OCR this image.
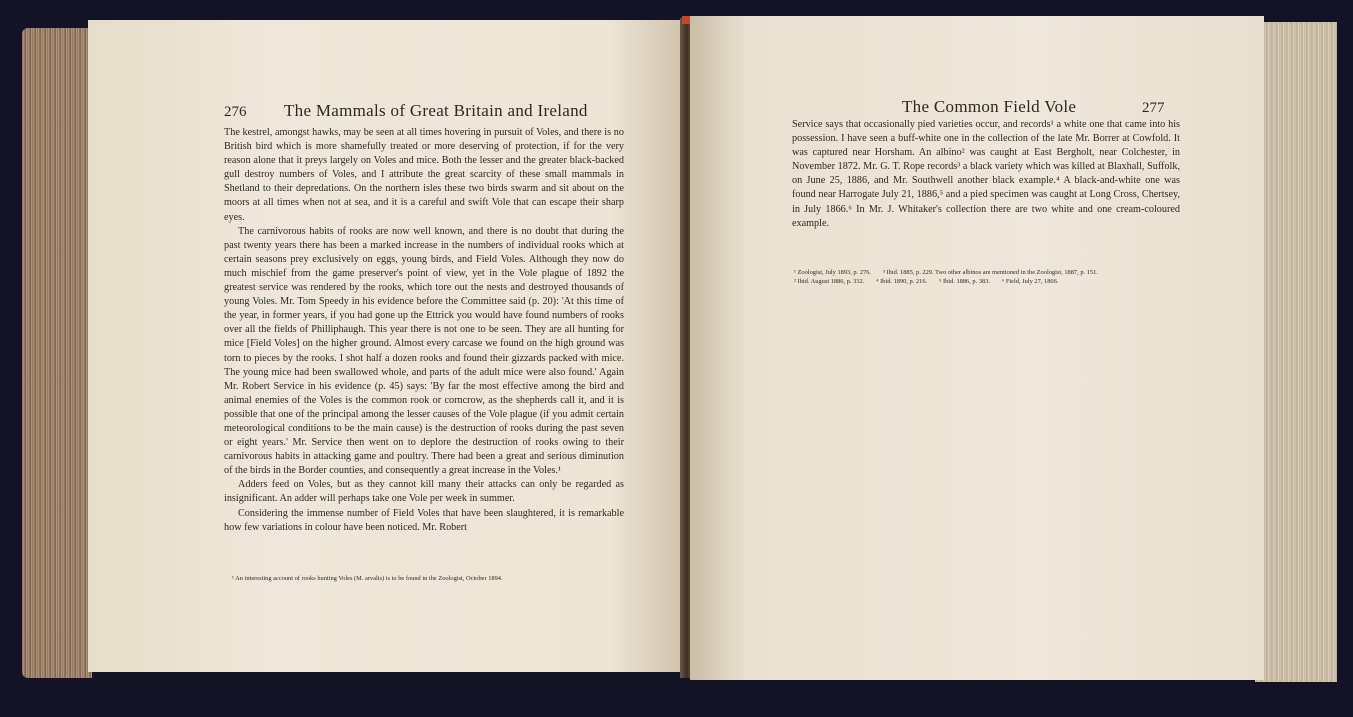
276 The Mammals of Great Britain and Ireland

The kestrel, amongst hawks, may be seen at all times hovering in pursuit of Voles, and there is no British bird which is more shamefully treated or more deserving of protection, if for the very reason alone that it preys largely on Voles and mice. Both the lesser and the greater black-backed gull destroy numbers of Voles, and I attribute the great scarcity of these small mammals in Shetland to their depredations. On the northern isles these two birds swarm and sit about on the moors at all times when not at sea, and it is a careful and swift Vole that can escape their sharp eyes.

The carnivorous habits of rooks are now well known, and there is no doubt that during the past twenty years there has been a marked increase in the numbers of individual rooks which at certain seasons prey exclusively on eggs, young birds, and Field Voles. Although they now do much mischief from the game preserver's point of view, yet in the Vole plague of 1892 the greatest service was rendered by the rooks, which tore out the nests and destroyed thousands of young Voles. Mr. Tom Speedy in his evidence before the Committee said (p. 20): 'At this time of the year, in former years, if you had gone up the Ettrick you would have found numbers of rooks over all the fields of Philliphaugh. This year there is not one to be seen. They are all hunting for mice [Field Voles] on the higher ground. Almost every carcase we found on the high ground was torn to pieces by the rooks. I shot half a dozen rooks and found their gizzards packed with mice. The young mice had been swallowed whole, and parts of the adult mice were also found.' Again Mr. Robert Service in his evidence (p. 45) says: 'By far the most effective among the bird and animal enemies of the Voles is the common rook or corncrow, as the shepherds call it, and it is possible that one of the principal among the lesser causes of the Vole plague (if you admit certain meteorological conditions to be the main cause) is the destruction of rooks during the past seven or eight years.' Mr. Service then went on to deplore the destruction of rooks owing to their carnivorous habits in attacking game and poultry. There had been a great and serious diminution of the birds in the Border counties, and consequently a great increase in the Voles.¹

Adders feed on Voles, but as they cannot kill many their attacks can only be regarded as insignificant. An adder will perhaps take one Vole per week in summer.

Considering the immense number of Field Voles that have been slaughtered, it is remarkable how few variations in colour have been noticed. Mr. Robert

¹ An interesting account of rooks hunting Voles (M. arvalis) is to be found in the Zoologist, October 1894.
The Common Field Vole	277

Service says that occasionally pied varieties occur, and records¹ a white one that came into his possession. I have seen a buff-white one in the collection of the late Mr. Borrer at Cowfold. It was captured near Horsham. An albino² was caught at East Bergholt, near Colchester, in November 1872. Mr. G. T. Rope records³ a black variety which was killed at Blaxhall, Suffolk, on June 25, 1886, and Mr. Southwell another black example.⁴ A black-and-white one was found near Harrogate July 21, 1886,⁵ and a pied specimen was caught at Long Cross, Chertsey, in July 1866.⁶ In Mr. J. Whitaker's collection there are two white and one cream-coloured example.

¹ Zoologist, July 1893, p. 276. ³ Ibid. 1885, p. 229. Two other albinos are mentioned in the Zoologist, 1887, p. 151.
² Ibid. August 1886, p. 332. ⁴ Ibid. 1890, p. 216. ⁵ Ibid. 1886, p. 383. ⁶ Field, July 27, 1866.
